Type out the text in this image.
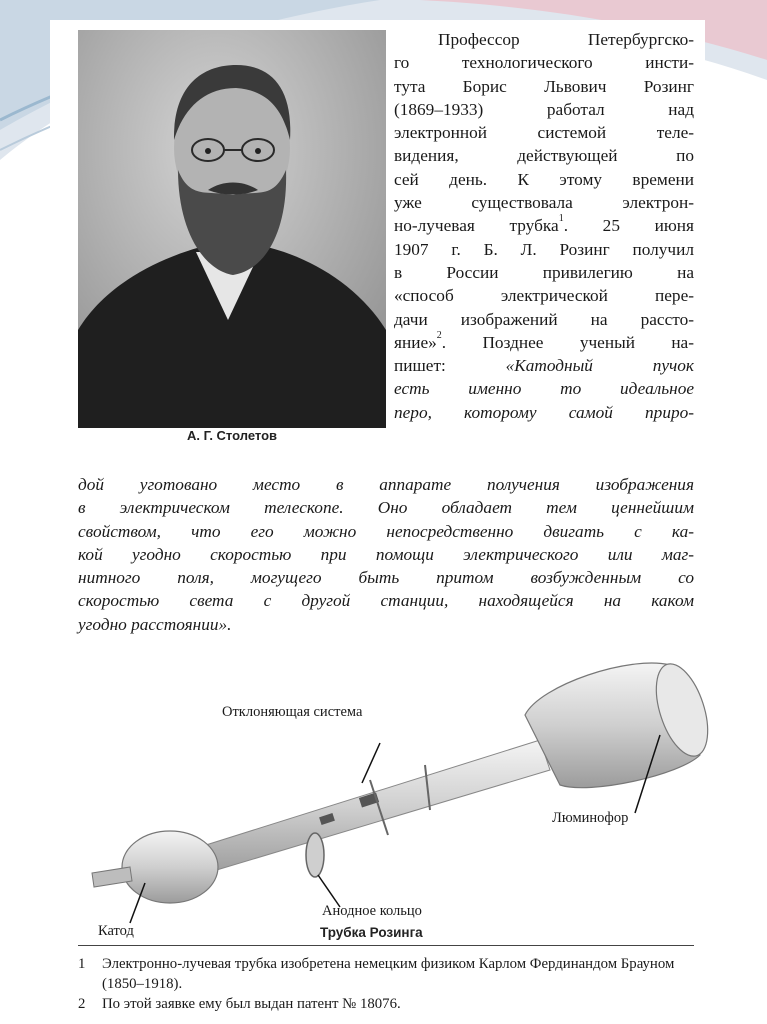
А. Г. Столетов
Профессор Петербургско-
го технологического инсти-
тута Борис Львович Розинг
(1869–1933) работал над
электронной системой теле-
видения, действующей по
сей день. К этому времени
уже существовала электрон-
но-лучевая трубка$^1$. 25 июня
1907 г. Б. Л. Розинг получил
в России привилегию на
«способ электрической пере-
дачи изображений на рассто-
яние»$^2$. Позднее ученый на-
пишет: «Катодный пучок
есть именно то идеальное
перо, которому самой приро-
дой уготовано место в аппарате получения изображения
в электрическом телескопе. Оно обладает тем ценнейшим
свойством, что его можно непосредственно двигать с ка-
кой угодно скоростью при помощи электрического или маг-
нитного поля, могущего быть притом возбужденным со
скоростью света с другой станции, находящейся на каком
угодно расстоянии».
Отклоняющая система
Люминофор
Анодное кольцо
Катод	Трубка Розинга
1	Электронно-лучевая трубка изобретена немецким физиком Карлом Фердинандом Брауном (1850–1918).
2	По этой заявке ему был выдан патент № 18076.
